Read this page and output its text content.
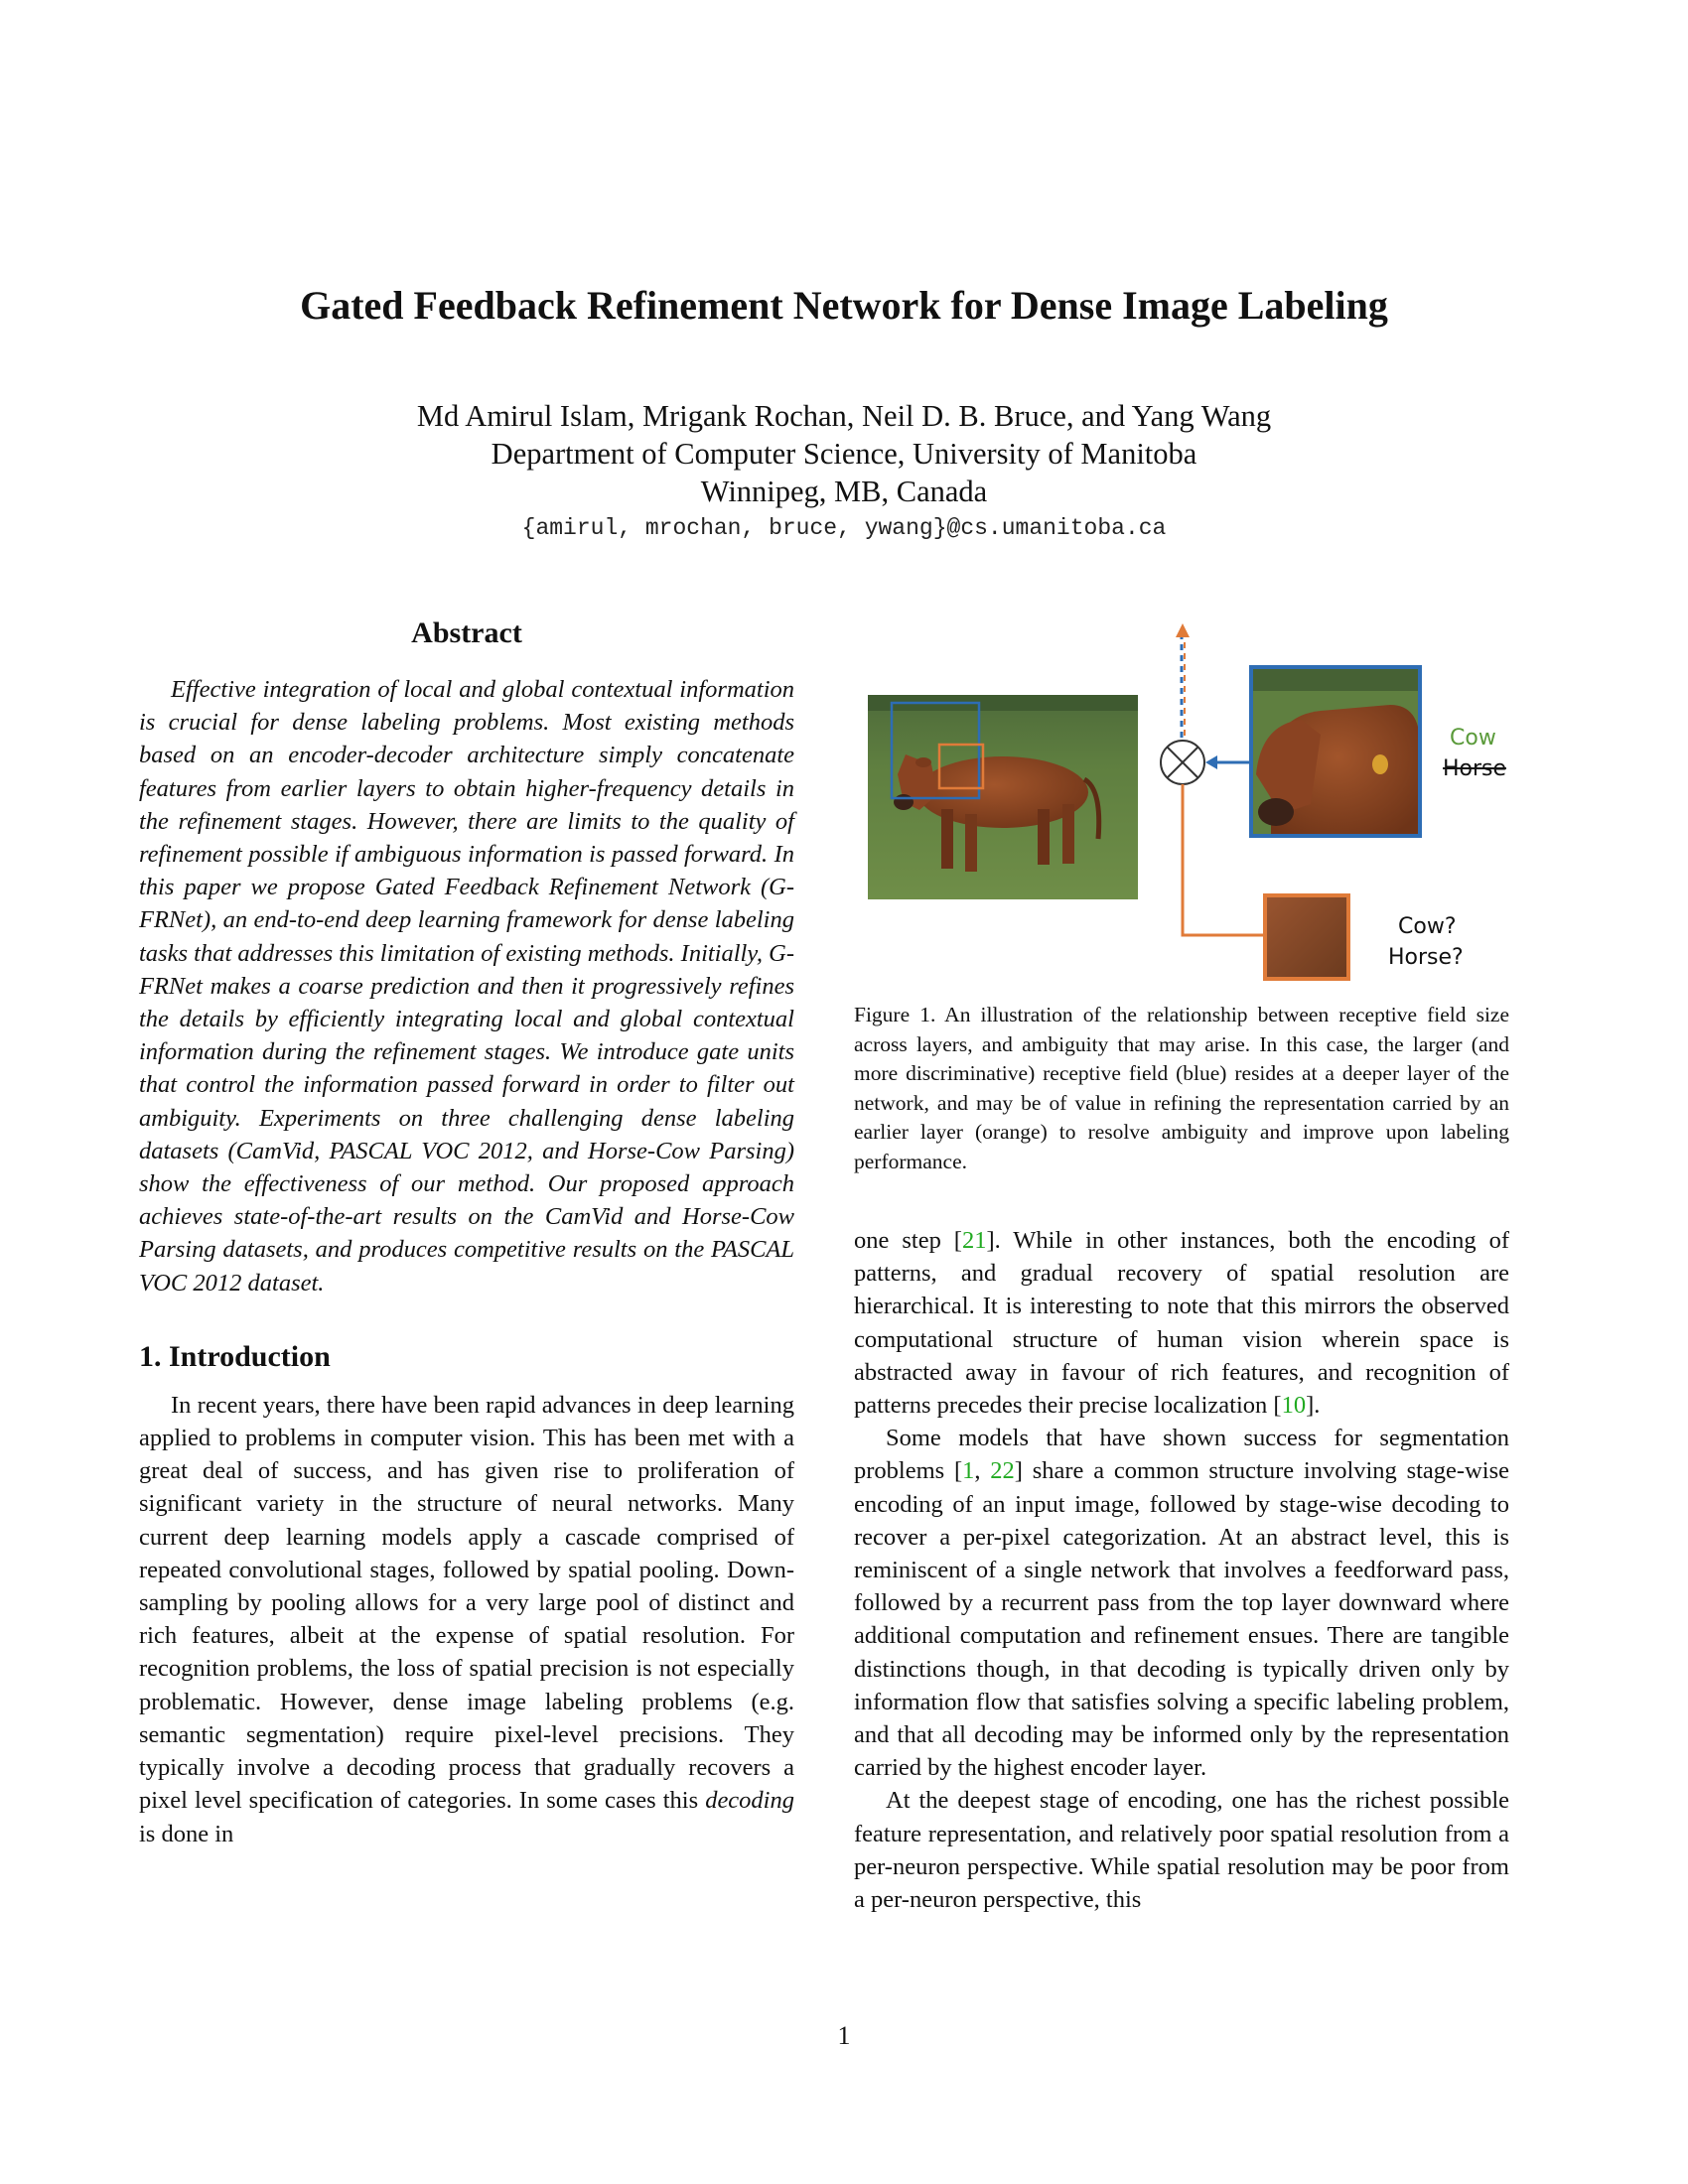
Gated Feedback Refinement Network for Dense Image Labeling
Md Amirul Islam, Mrigank Rochan, Neil D. B. Bruce, and Yang Wang
Department of Computer Science, University of Manitoba
Winnipeg, MB, Canada
{amirul, mrochan, bruce, ywang}@cs.umanitoba.ca
Abstract

Effective integration of local and global contextual information is crucial for dense labeling problems. Most existing methods based on an encoder-decoder architecture simply concatenate features from earlier layers to obtain higher-frequency details in the refinement stages. However, there are limits to the quality of refinement possible if ambiguous information is passed forward. In this paper we propose Gated Feedback Refinement Network (G-FRNet), an end-to-end deep learning framework for dense labeling tasks that addresses this limitation of existing methods. Initially, G-FRNet makes a coarse prediction and then it progressively refines the details by efficiently integrating local and global contextual information during the refinement stages. We introduce gate units that control the information passed forward in order to filter out ambiguity. Experiments on three challenging dense labeling datasets (CamVid, PASCAL VOC 2012, and Horse-Cow Parsing) show the effectiveness of our method. Our proposed approach achieves state-of-the-art results on the CamVid and Horse-Cow Parsing datasets, and produces competitive results on the PASCAL VOC 2012 dataset.

1. Introduction

In recent years, there have been rapid advances in deep learning applied to problems in computer vision. This has been met with a great deal of success, and has given rise to proliferation of significant variety in the structure of neural networks. Many current deep learning models apply a cascade comprised of repeated convolutional stages, followed by spatial pooling. Down-sampling by pooling allows for a very large pool of distinct and rich features, albeit at the expense of spatial resolution. For recognition problems, the loss of spatial precision is not especially problematic. However, dense image labeling problems (e.g. semantic segmentation) require pixel-level precisions. They typically involve a decoding process that gradually recovers a pixel level specification of categories. In some cases this decoding is done in

Cow
Horse
Cow?
Horse?

Figure 1. An illustration of the relationship between receptive field size across layers, and ambiguity that may arise. In this case, the larger (and more discriminative) receptive field (blue) resides at a deeper layer of the network, and may be of value in refining the representation carried by an earlier layer (orange) to resolve ambiguity and improve upon labeling performance.

one step [21]. While in other instances, both the encoding of patterns, and gradual recovery of spatial resolution are hierarchical. It is interesting to note that this mirrors the observed computational structure of human vision wherein space is abstracted away in favour of rich features, and recognition of patterns precedes their precise localization [10].

Some models that have shown success for segmentation problems [1, 22] share a common structure involving stage-wise encoding of an input image, followed by stage-wise decoding to recover a per-pixel categorization. At an abstract level, this is reminiscent of a single network that involves a feedforward pass, followed by a recurrent pass from the top layer downward where additional computation and refinement ensues. There are tangible distinctions though, in that decoding is typically driven only by information flow that satisfies solving a specific labeling problem, and that all decoding may be informed only by the representation carried by the highest encoder layer.

At the deepest stage of encoding, one has the richest possible feature representation, and relatively poor spatial resolution from a per-neuron perspective. While spatial resolution may be poor from a per-neuron perspective, this

1
